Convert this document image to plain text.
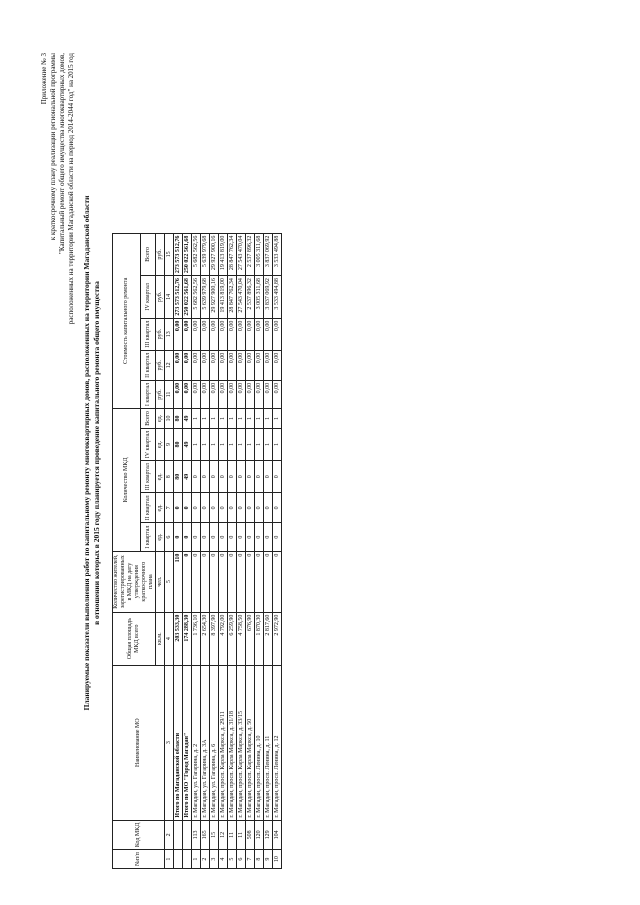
Приложение № 3 к краткосрочному плану реализации региональной программы "Капитальный ремонт общего имущества многоквартирных домов, расположенных на территории Магаданской области на период 2014-2044 год" на 2015 год
Планируемые показатели выполнения работ по капитальному ремонту многоквартирных домов, расположенных на территории Магаданской области в отношении которых в 2015 году планируется проведение капитального ремонта общего имущества
№п/п	Код МКД	Наименование МО	Общая площадь МКД всего	Количество жителей, зарегистрированных в МКД на дату утверждения краткосрочного плана	Количество МКД					Стоимость капитального ремонта				
					I квартал	II квартал	III квартал	IV квартал	Всего	I квартал	II квартал	III квартал	IV квартал	Всего
			кв.м.	чел.	ед.	ед.	ед.	ед.	ед.	руб.	руб.	руб.	руб.	руб.
1	2	3	4	5	6	7	8	9	10	11	12	13	14	15
		Итого по Магаданской области	203 533,30	110	0	0	80	80	80	0,00	0,00	0,00	273 573 512,76	273 573 512,76
		Итого по МО "Город Магадан"	174 288,30	0	0	0	49	49	49	0,00	0,00	0,00	250 022 561,68	250 022 561,68
1	113	г. Магадан, ул. Гагарина, д. 2	1 736,10	0	0	0	0	1	1	0,00	0,00	0,00	5 682 562,56	5 682 562,56
2	165	г. Магадан, ул. Гагарина, д. 3А	2 654,30	0	0	0	0	1	1	0,00	0,00	0,00	5 639 979,68	5 639 979,68
3	15	г. Магадан, ул. Гагарина, д. 6	8 397,90	0	0	0	0	1	1	0,00	0,00	0,00	29 927 900,16	29 927 900,16
4	12	г. Магадан, просп. Карла Маркса, д. 29/11	4 792,00	0	0	0	0	1	1	0,00	0,00	0,00	19 413 819,00	19 413 819,00
5	11	г. Магадан, просп. Карла Маркса, д. 31/18	6 259,90	0	0	0	0	1	1	0,00	0,00	0,00	28 847 762,34	28 847 762,34
6	11	г. Магадан, просп. Карла Маркса, д. 33/15	4 758,50	0	0	0	0	1	1	0,00	0,00	0,00	27 543 470,04	27 543 470,04
7	508	г. Магадан, просп. Карла Маркса, д. 50	676,90	0	0	0	0	1	1	0,00	0,00	0,00	2 537 896,32	2 537 896,32
8	120	г. Магадан, просп. Ленина, д. 10	1 870,30	0	0	0	0	1	1	0,00	0,00	0,00	3 005 311,68	3 005 311,68
9	129	г. Магадан, просп. Ленина, д. 11	2 817,60	0	0	0	0	1	1	0,00	0,00	0,00	3 837 069,92	3 837 069,92
10	104	г. Магадан, просп. Ленина, д. 12	2 972,90	0	0	0	0	1	1	0,00	0,00	0,00	3 533 494,88	3 533 494,88
